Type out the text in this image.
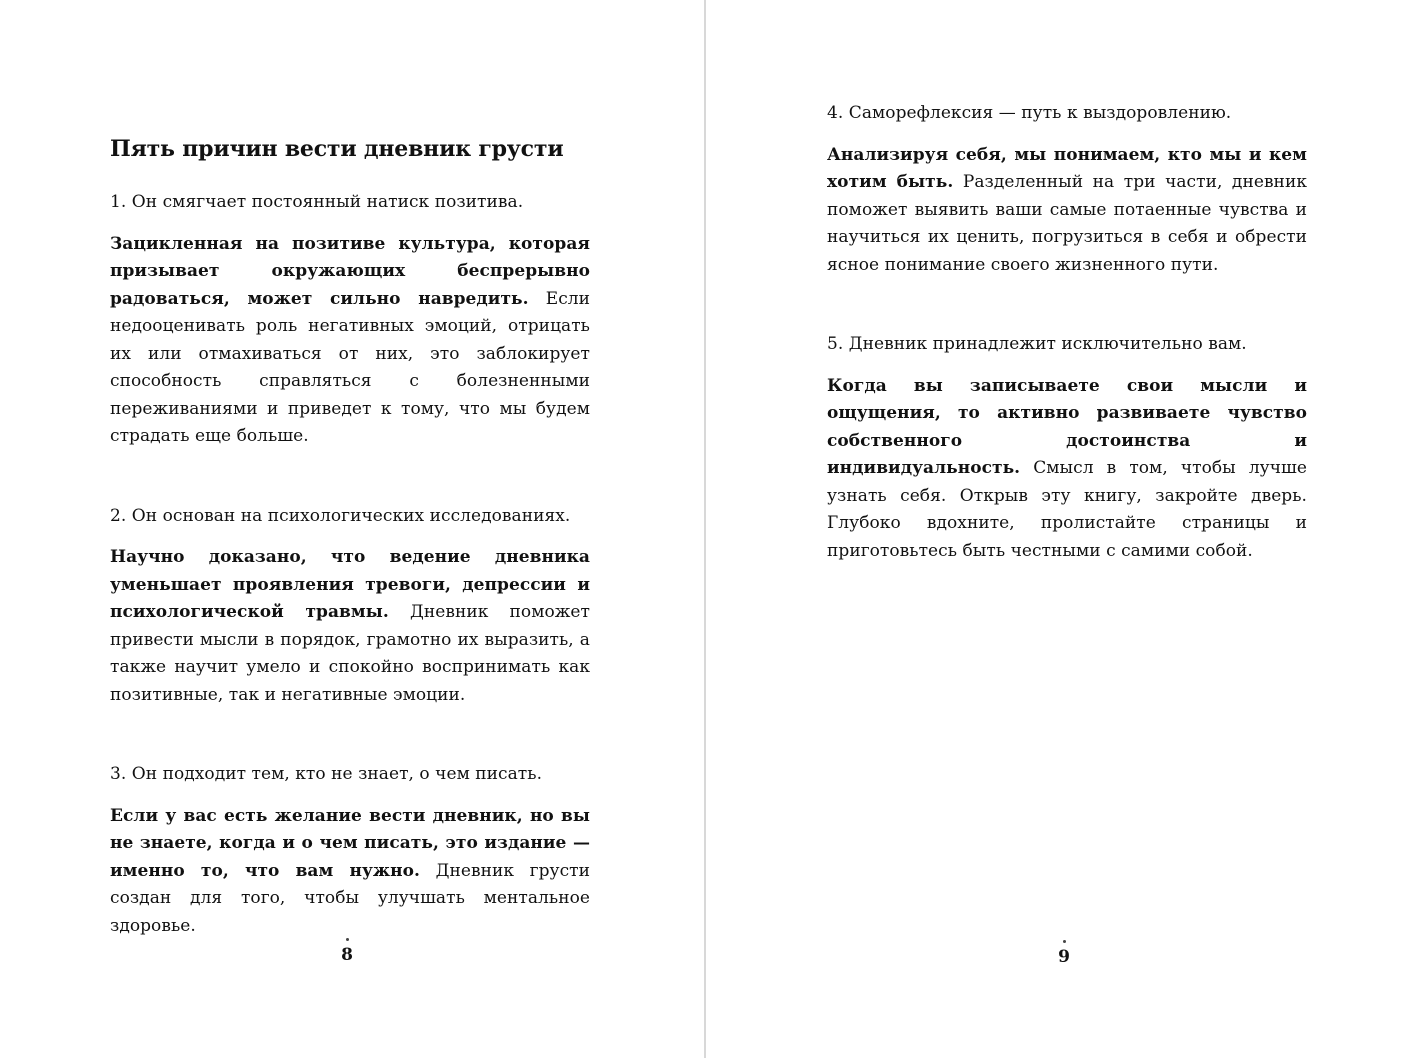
Пять причин вести дневник грусти

1. Он смягчает постоянный натиск позитива.

Зацикленная на позитиве культура, которая призывает окружающих беспрерывно радоваться, может сильно навредить. Если недооценивать роль негативных эмоций, отрицать их или отмахиваться от них, это заблокирует способность справляться с болезненными переживаниями и приведет к тому, что мы будем страдать еще больше.

2. Он основан на психологических исследованиях.

Научно доказано, что ведение дневника уменьшает проявления тревоги, депрессии и психологической травмы. Дневник поможет привести мысли в порядок, грамотно их выразить, а также научит умело и спокойно воспринимать как позитивные, так и негативные эмоции.

3. Он подходит тем, кто не знает, о чем писать.

Если у вас есть желание вести дневник, но вы не знаете, когда и о чем писать, это издание — именно то, что вам нужно. Дневник грусти создан для того, чтобы улучшать ментальное здоровье.

8

4. Саморефлексия — путь к выздоровлению.

Анализируя себя, мы понимаем, кто мы и кем хотим быть. Разделенный на три части, дневник поможет выявить ваши самые потаенные чувства и научиться их ценить, погрузиться в себя и обрести ясное понимание своего жизненного пути.

5. Дневник принадлежит исключительно вам.

Когда вы записываете свои мысли и ощущения, то активно развиваете чувство собственного достоинства и индивидуальность. Смысл в том, чтобы лучше узнать себя. Открыв эту книгу, закройте дверь. Глубоко вдохните, пролистайте страницы и приготовьтесь быть честными с самими собой.

9
